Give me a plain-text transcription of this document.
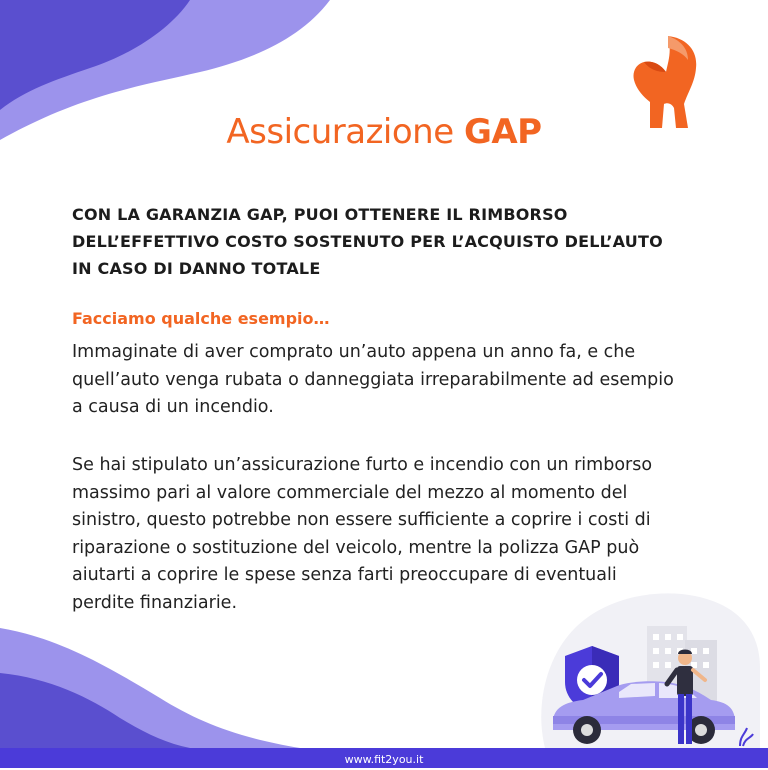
Assicurazione GAP

CON LA GARANZIA GAP, PUOI OTTENERE IL RIMBORSO
DELL’EFFETTIVO COSTO SOSTENUTO PER L’ACQUISTO DELL’AUTO
IN CASO DI DANNO TOTALE

Facciamo qualche esempio…

Immaginate di aver comprato un’auto appena un anno fa, e che
quell’auto venga rubata o danneggiata irreparabilmente ad esempio
a causa di un incendio.

Se hai stipulato un’assicurazione furto e incendio con un rimborso
massimo pari al valore commerciale del mezzo al momento del
sinistro, questo potrebbe non essere sufficiente a coprire i costi di
riparazione o sostituzione del veicolo, mentre la polizza GAP può
aiutarti a coprire le spese senza farti preoccupare di eventuali
perdite finanziarie.

www.fit2you.it
